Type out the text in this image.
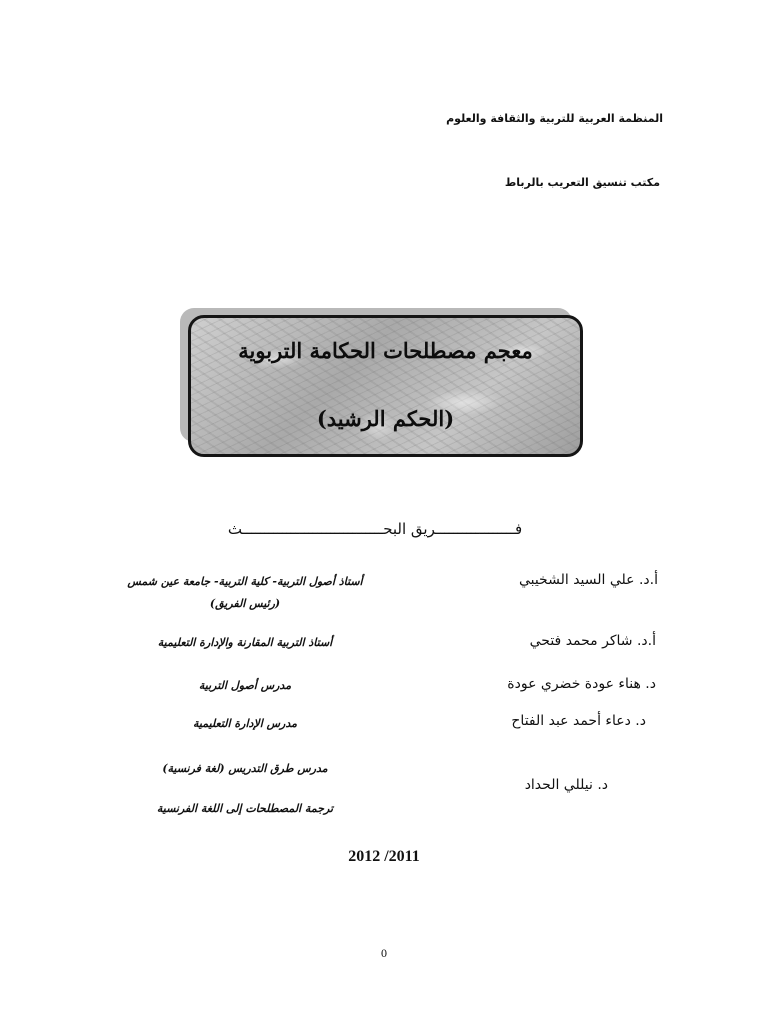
المنظمة العربية للتربية والثقافة والعلوم
مكتب تنسيق التعريب بالرباط
معجم مصطلحات الحكامة التربوية
(الحكم الرشيد)
فــــــــــــــــــريق البحــــــــــــــــــــــــــــــــث
أ.د. علي السيد الشخيبي
أستاذ أصول التربية- كلية التربية- جامعة عين شمس
(رئيس الفريق)
أ.د. شاكر محمد فتحي
أستاذ التربية المقارنة والإدارة التعليمية
د. هناء عودة خضري عودة
مدرس أصول التربية
د. دعاء أحمد عبد الفتاح
مدرس الإدارة التعليمية
د. نيللي الحداد
مدرس طرق التدريس (لغة فرنسية)
ترجمة المصطلحات إلى اللغة الفرنسية
2012 /2011
0
